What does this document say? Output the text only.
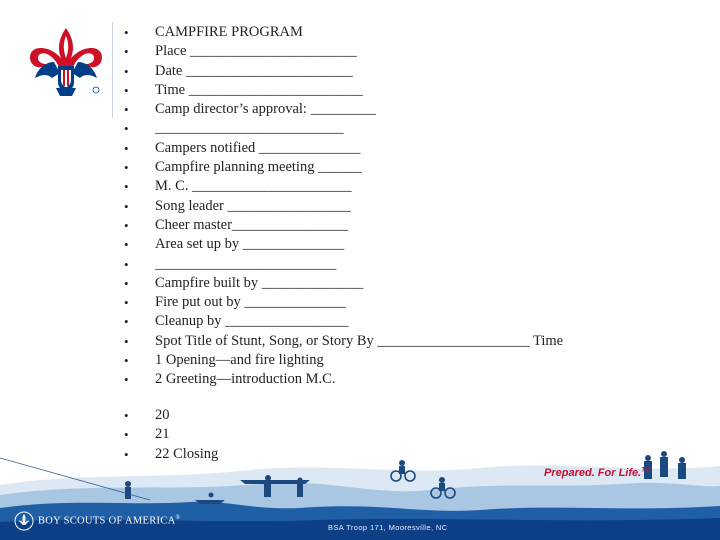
•	CAMPFIRE PROGRAM
•	Place _______________________
•	Date _______________________
•	Time ________________________
•	Camp director’s approval: _________
•	__________________________
•	Campers notified ______________
•	Campfire planning meeting ______
•	M. C. ______________________
•	Song leader _________________
•	Cheer master________________
•	Area set up by ______________
•	_________________________
•	Campfire built by ______________
•	Fire put out by ______________
•	Cleanup by _________________
•	Spot Title of Stunt, Song, or Story By _____________________ Time
•	1 Opening—and fire lighting
•	2 Greeting—introduction M.C.
•	20
•	21
•	22 Closing
Prepared. For Life.™
BOY SCOUTS OF AMERICA®
BSA Troop 171, Mooresville, NC
